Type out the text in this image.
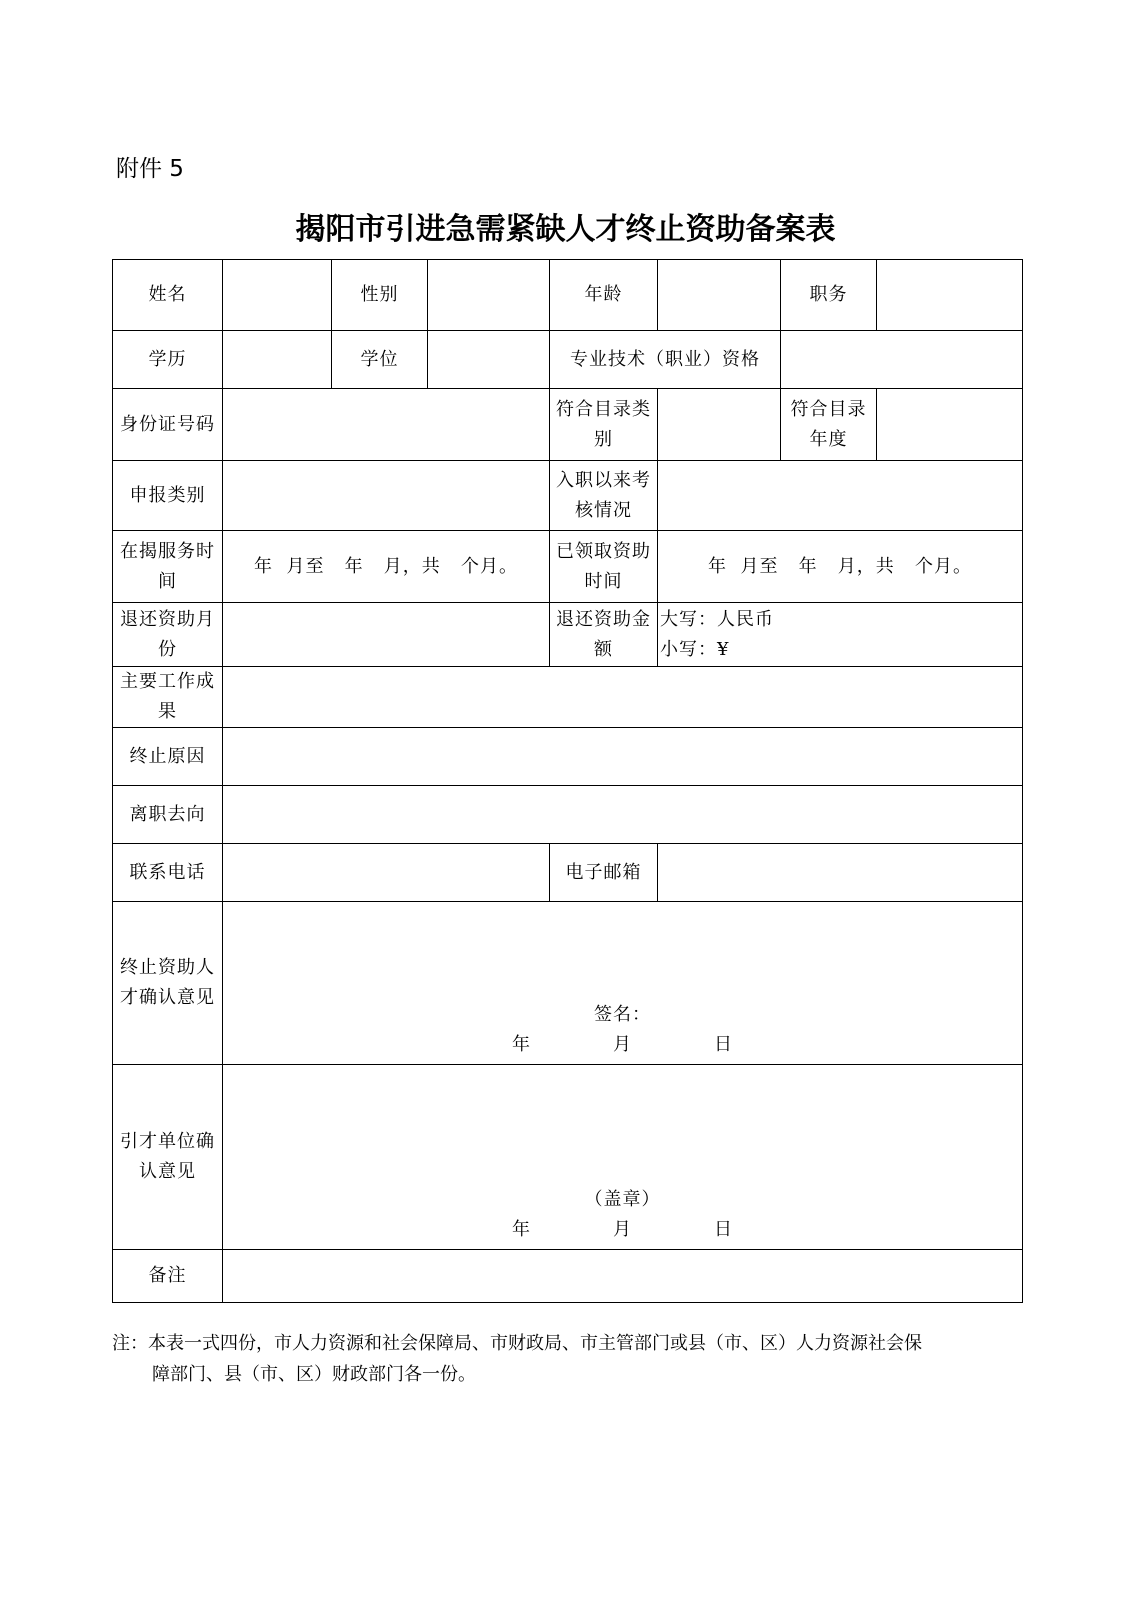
附件 5
揭阳市引进急需紧缺人才终止资助备案表
姓名		性别		年龄		职务	
学历		学位		专业技术（职业）资格			
身份证号码				符合目录类别		符合目录年度	
申报类别				入职以来考核情况			
在揭服务时间	年  月至   年   月，共   个月。			已领取资助时间	年  月至   年   月，共   个月。		
退还资助月份				退还资助金额	大写：人民币
小写：¥		

主要工作成果							
终止原因							
离职去向							
联系电话				电子邮箱			
终止资助人才确认意见	签名：
年 月 日						

引才单位确认意见	（盖章）
年 月 日						

备注							
注：本表一式四份，市人力资源和社会保障局、市财政局、市主管部门或县（市、区）人力资源社会保
障部门、县（市、区）财政部门各一份。
